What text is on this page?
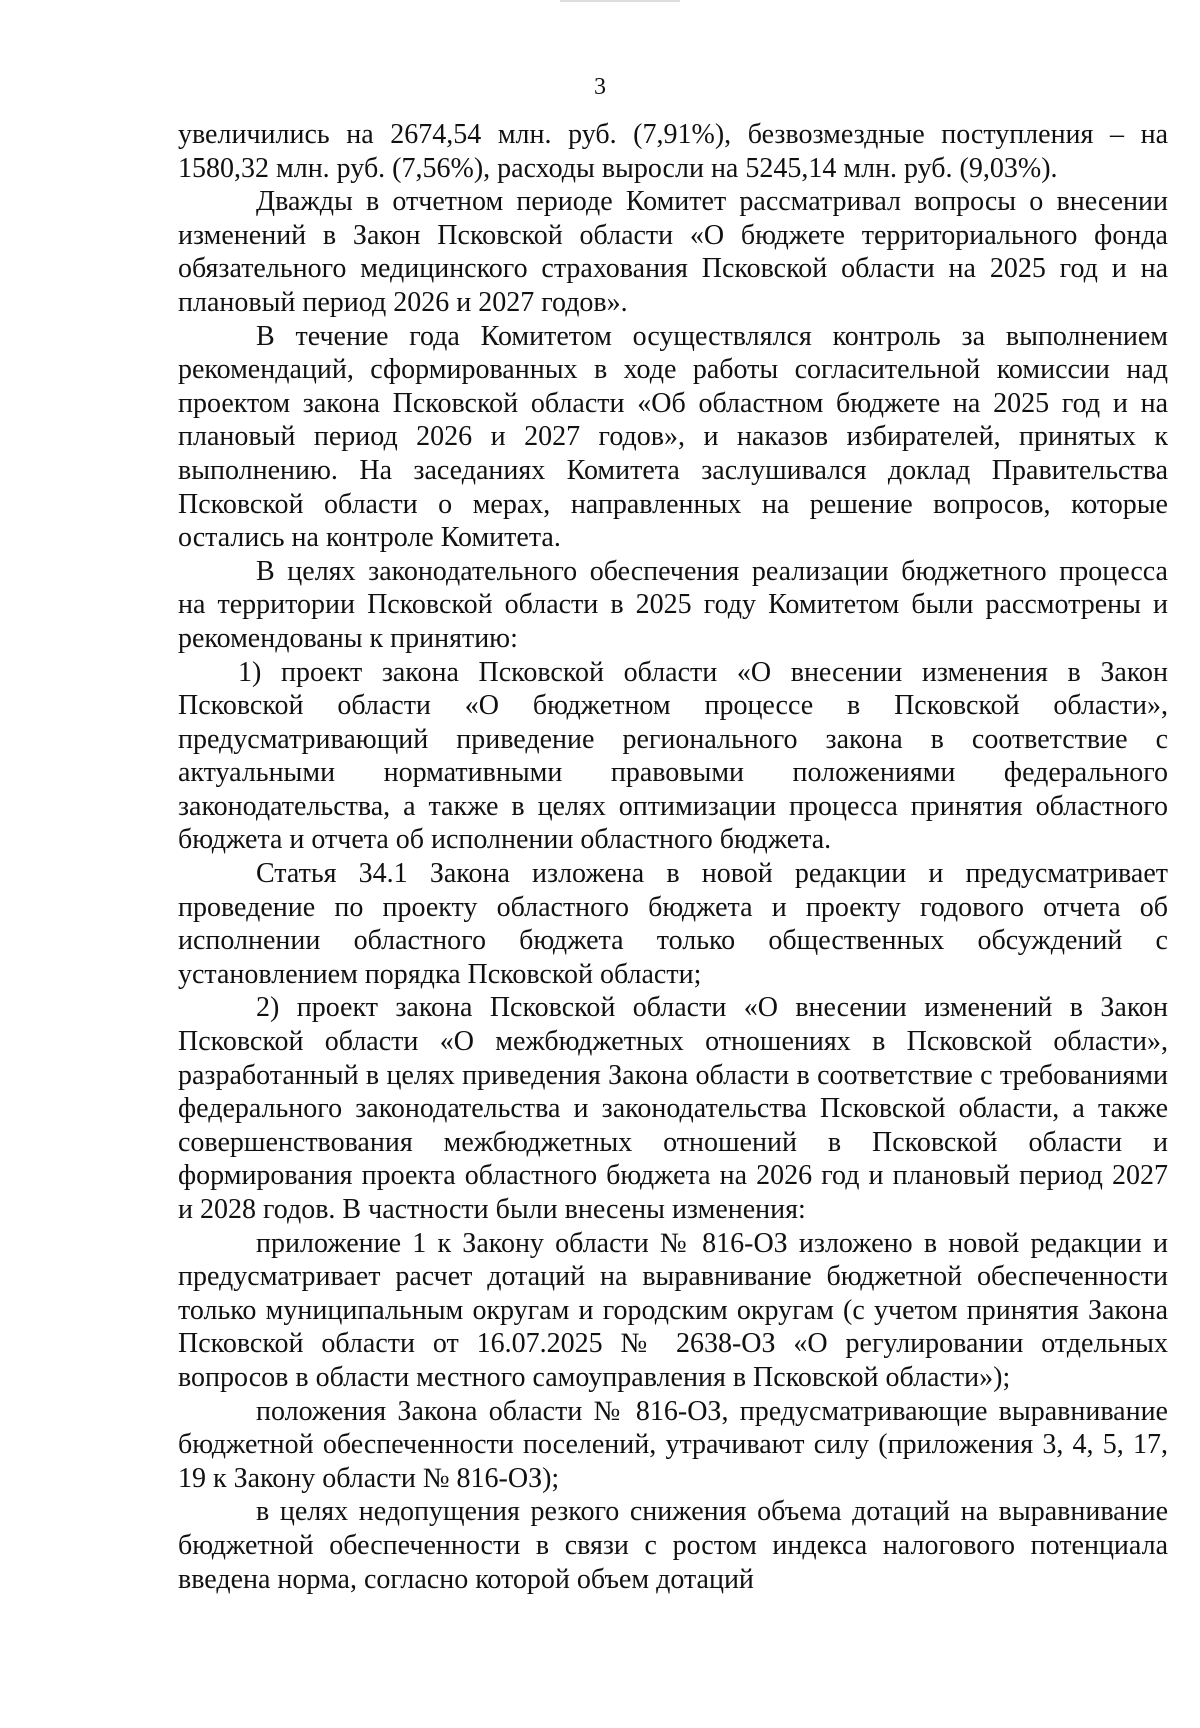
3

увеличились на 2674,54 млн. руб. (7,91%), безвозмездные поступления – на 1580,32 млн. руб. (7,56%), расходы выросли на 5245,14 млн. руб. (9,03%).

Дважды в отчетном периоде Комитет рассматривал вопросы о внесении изменений в Закон Псковской области «О бюджете территориального фонда обязательного медицинского страхования Псковской области на 2025 год и на плановый период 2026 и 2027 годов».

В течение года Комитетом осуществлялся контроль за выполнением рекомендаций, сформированных в ходе работы согласительной комиссии над проектом закона Псковской области «Об областном бюджете на 2025 год и на плановый период 2026 и 2027 годов», и наказов избирателей, принятых к выполнению. На заседаниях Комитета заслушивался доклад Правительства Псковской области о мерах, направленных на решение вопросов, которые остались на контроле Комитета.

В целях законодательного обеспечения реализации бюджетного процесса на территории Псковской области в 2025 году Комитетом были рассмотрены и рекомендованы к принятию:

1) проект закона Псковской области «О внесении изменения в Закон Псковской области «О бюджетном процессе в Псковской области», предусматривающий приведение регионального закона в соответствие с актуальными нормативными правовыми положениями федерального законодательства, а также в целях оптимизации процесса принятия областного бюджета и отчета об исполнении областного бюджета.

Статья 34.1 Закона изложена в новой редакции и предусматривает проведение по проекту областного бюджета и проекту годового отчета об исполнении областного бюджета только общественных обсуждений с установлением порядка Псковской области;

2) проект закона Псковской области «О внесении изменений в Закон Псковской области «О межбюджетных отношениях в Псковской области», разработанный в целях приведения Закона области в соответствие с требованиями федерального законодательства и законодательства Псковской области, а также совершенствования межбюджетных отношений в Псковской области и формирования проекта областного бюджета на 2026 год и плановый период 2027 и 2028 годов. В частности были внесены изменения:

приложение 1 к Закону области № 816-ОЗ изложено в новой редакции и предусматривает расчет дотаций на выравнивание бюджетной обеспеченности только муниципальным округам и городским округам (с учетом принятия Закона Псковской области от 16.07.2025 № 2638-ОЗ «О регулировании отдельных вопросов в области местного самоуправления в Псковской области»);

положения Закона области № 816-ОЗ, предусматривающие выравнивание бюджетной обеспеченности поселений, утрачивают силу (приложения 3, 4, 5, 17, 19 к Закону области № 816-ОЗ);

в целях недопущения резкого снижения объема дотаций на выравнивание бюджетной обеспеченности в связи с ростом индекса налогового потенциала введена норма, согласно которой объем дотаций
